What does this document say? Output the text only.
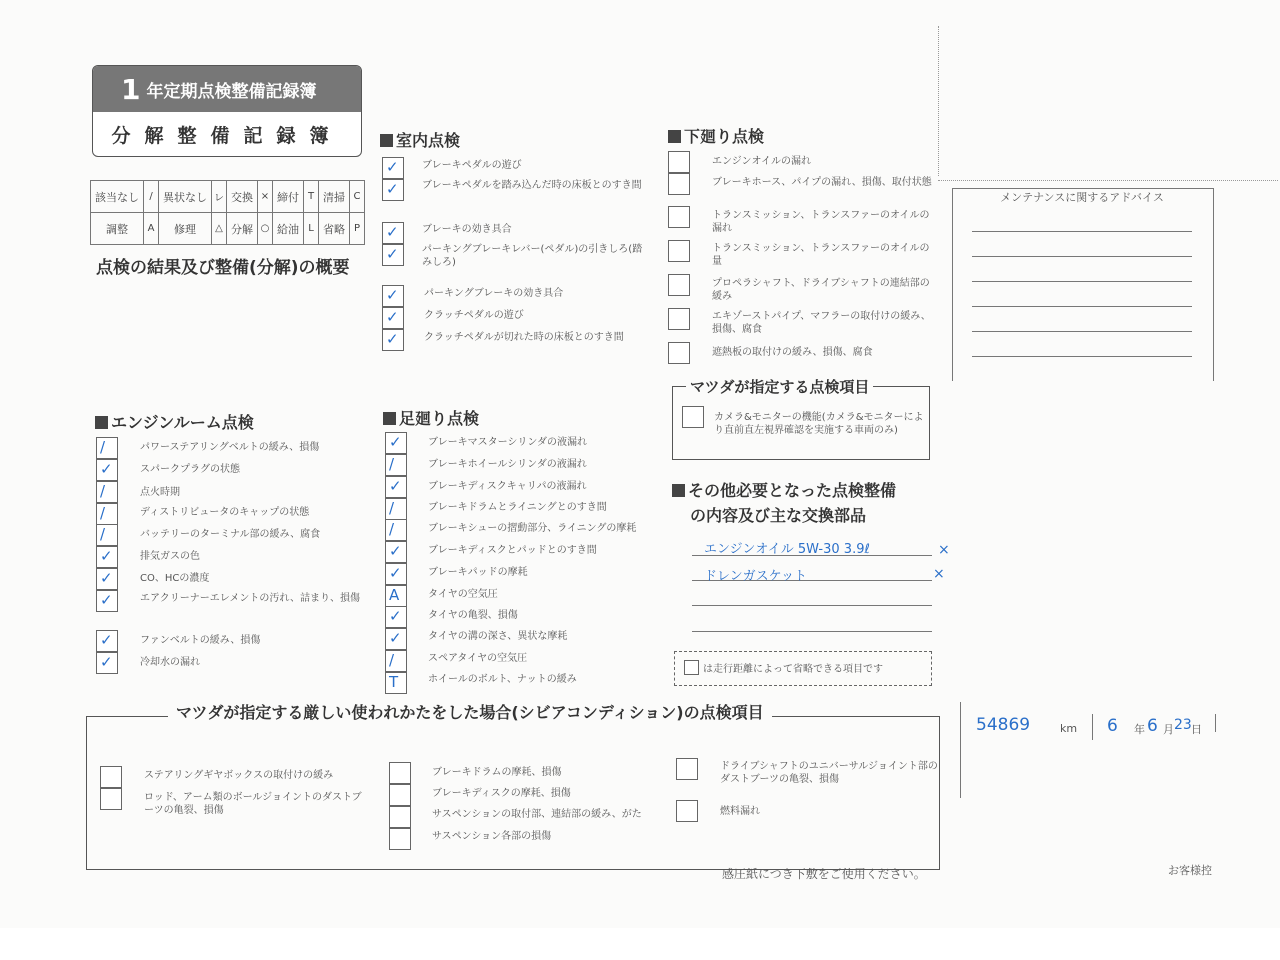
1 年定期点検整備記録簿
分解整備記録簿
該当なし	/	異状なし	レ	交換	×	締付	T	清掃	C
調整	A	修理	△	分解	○	給油	L	省略	P
点検の結果及び整備(分解)の概要
室内点検
✓ ブレーキペダルの遊び
✓ ブレーキペダルを踏み込んだ時の床板とのすき間
✓ ブレーキの効き具合
✓ パーキングブレーキレバー(ペダル)の引きしろ(踏みしろ)
✓	パーキングブレーキの効き具合
✓	クラッチペダルの遊び
✓	クラッチペダルが切れた時の床板とのすき間
下廻り点検
エンジンオイルの漏れ
ブレーキホース、パイプの漏れ、損傷、取付状態
トランスミッション、トランスファーのオイルの漏れ
トランスミッション、トランスファーのオイルの量
プロペラシャフト、ドライブシャフトの連結部の緩み
エキゾーストパイプ、マフラーの取付けの緩み、損傷、腐食
遮熱板の取付けの緩み、損傷、腐食
マツダが指定する点検項目
カメラ&モニターの機能(カメラ&モニターにより直前直左視界確認を実施する車両のみ)
メンテナンスに関するアドバイス
エンジンルーム点検
/	パワーステアリングベルトの緩み、損傷
✓	スパークプラグの状態
/	点火時期
/	ディストリビュータのキャップの状態
/	バッテリーのターミナル部の緩み、腐食
✓	排気ガスの色
✓	CO、HCの濃度
✓	エアクリーナーエレメントの汚れ、詰まり、損傷
✓	ファンベルトの緩み、損傷
✓	冷却水の漏れ
足廻り点検
✓	ブレーキマスターシリンダの液漏れ
/	ブレーキホイールシリンダの液漏れ
✓	ブレーキディスクキャリパの液漏れ
/	ブレーキドラムとライニングとのすき間
/	ブレーキシューの摺動部分、ライニングの摩耗
✓	ブレーキディスクとパッドとのすき間
✓	ブレーキパッドの摩耗
A	タイヤの空気圧
✓	タイヤの亀裂、損傷
✓	タイヤの溝の深さ、異状な摩耗
/	スペアタイヤの空気圧
T	ホイールのボルト、ナットの緩み
その他必要となった点検整備
の内容及び主な交換部品
エンジンオイル 5W-30 3.9ℓ	×
ドレンガスケット	×
は走行距離によって省略できる項目です
マツダが指定する厳しい使われかたをした場合(シビアコンディション)の点検項目
ステアリングギヤボックスの取付けの緩み
ロッド、アーム類のボールジョイントのダストブーツの亀裂、損傷
ブレーキドラムの摩耗、損傷
ブレーキディスクの摩耗、損傷
サスペンションの取付部、連結部の緩み、がた
サスペンション各部の損傷
ドライブシャフトのユニバーサルジョイント部のダストブーツの亀裂、損傷
燃料漏れ
54869	km 6 年 6 月 23 日
感圧紙につき下敷をご使用ください。	お客様控
